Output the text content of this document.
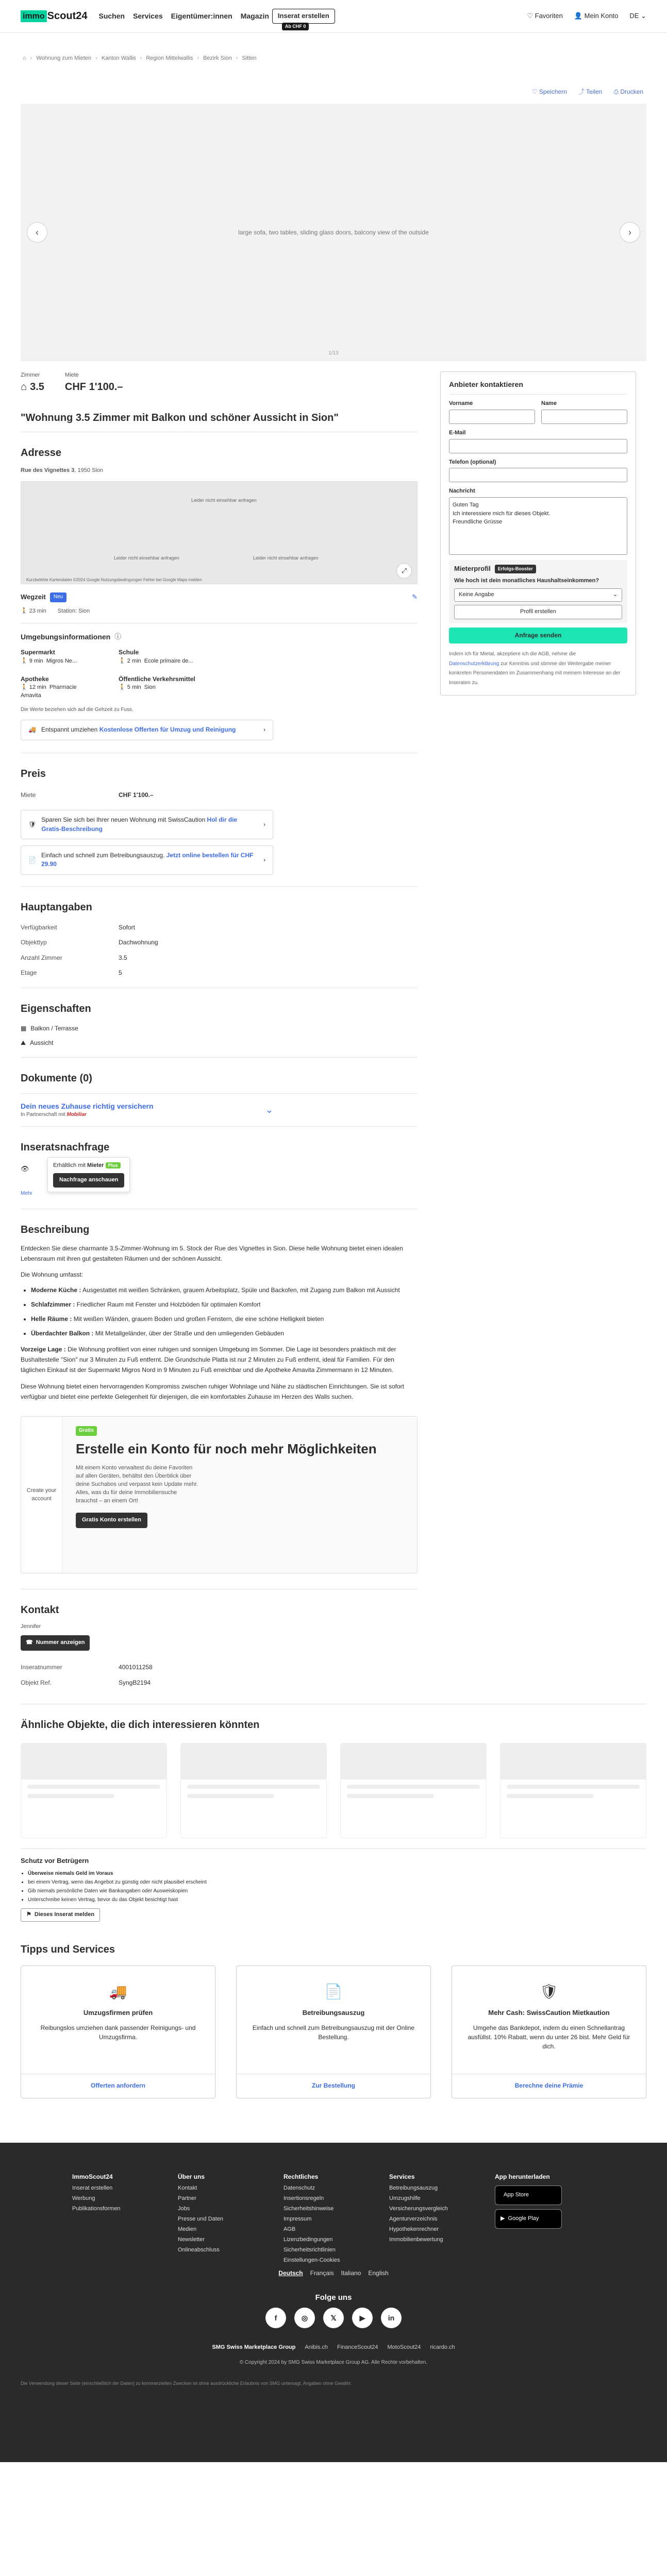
immo Scout24 Suchen Services Eigentümer:innen Magazin	Inserat erstellen
Ab CHF 0
♡ Favoriten 👤 Mein Konto DE ⌄
⌂ › Wohnung zum Mieten › Kanton Wallis › Region Mittelwallis › Bezirk Sion › Sitten
♡ Speichern ⤴ Teilen ⎙ Drucken
large sofa, two tables, sliding glass doors, balcony view of the outside
‹	›
1/13
Zimmer
⌂ 3.5
Miete
CHF 1'100.–
"Wohnung 3.5 Zimmer mit Balkon und schöner Aussicht in Sion"
Adresse
Rue des Vignettes 3, 1950 Sion
Leider nicht einsehbar anfragen
Leider nicht einsehbar anfragen	Leider nicht einsehbar anfragen
⤢
Kurzbefehle Kartendaten ©2024 Google Nutzungsbedingungen Fehler bei Google Maps melden
Wegzeit	Neu	✎
🚶 23 min Station: Sion
Umgebungsinformationen ⓘ
Supermarkt
🚶 9 min Migros Ne...
Schule
🚶 2 min Ecole primaire de...
Apotheke
🚶 12 min Pharmacie Amavita
Öffentliche Verkehrsmittel
🚶 5 min Sion
Die Werte beziehen sich auf die Gehzeit zu Fuss.
🚚 Entspannt umziehen Kostenlose Offerten für Umzug und Reinigung	›
Preis
Miete	CHF 1'100.–
🛡
Sparen Sie sich bei Ihrer neuen Wohnung mit SwissCaution Hol dir die Gratis-Beschreibung
›
📄
Einfach und schnell zum Betreibungsauszug. Jetzt online bestellen für CHF 29.90
›
Hauptangaben
Verfügbarkeit	Sofort
Objekttyp	Dachwohnung
Anzahl Zimmer	3.5
Etage	5
Eigenschaften
▦ Balkon / Terrasse
⛰ Aussicht
Dokumente (0)
Dein neues Zuhause richtig versichern
In Partnerschaft mit Mobiliar	⌄
Inseratsnachfrage
👁	Erhältlich mit Mieter Plus
Nachfrage anschauen
Mehr
Beschreibung

Entdecken Sie diese charmante 3.5-Zimmer-Wohnung im 5. Stock der Rue des Vignettes in Sion. Diese helle Wohnung bietet einen idealen Lebensraum mit ihren gut gestalteten Räumen und der schönen Aussicht.

Die Wohnung umfasst:

• Moderne Küche : Ausgestattet mit weißen Schränken, grauem Arbeitsplatz, Spüle und Backofen, mit Zugang zum Balkon mit Aussicht
• Schlafzimmer : Friedlicher Raum mit Fenster und Holzböden für optimalen Komfort
• Helle Räume : Mit weißen Wänden, grauem Boden und großen Fenstern, die eine schöne Helligkeit bieten
• Überdachter Balkon : Mit Metallgeländer, über der Straße und den umliegenden Gebäuden

Vorzeige Lage : Die Wohnung profitiert von einer ruhigen und sonnigen Umgebung im Sommer. Die Lage ist besonders praktisch mit der Bushaltestelle "Sion" nur 3 Minuten zu Fuß entfernt. Die Grundschule Platta ist nur 2 Minuten zu Fuß entfernt, ideal für Familien. Für den täglichen Einkauf ist der Supermarkt Migros Nord in 9 Minuten zu Fuß erreichbar und die Apotheke Amavita Zimmermann in 12 Minuten.

Diese Wohnung bietet einen hervorragenden Kompromiss zwischen ruhiger Wohnlage und Nähe zu städtischen Einrichtungen. Sie ist sofort verfügbar und bietet eine perfekte Gelegenheit für diejenigen, die ein komfortables Zuhause im Herzen des Walls suchen.

Create your account
Gratis
Erstelle ein Konto für noch mehr Möglichkeiten
Mit einem Konto verwaltest du deine Favoriten auf allen Geräten, behältst den Überblick über deine Suchabos und verpasst kein Update mehr. Alles, was du für deine Immobiliensuche brauchst – an einem Ort!
Gratis Konto erstellen
Kontakt
Jennifer
☎ Nummer anzeigen
Inseratnummer	4001011258
Objekt Ref.	SyngB2194
Anbieter kontaktieren
Vorname	Name
E-Mail
Telefon (optional)
Nachricht
Guten Tag
Ich interessiere mich für dieses Objekt.
Freundliche Grüsse
Mieterprofil	Erfolgs-Booster
Wie hoch ist dein monatliches Haushaltseinkommen?
Keine Angabe	⌄
Profil erstellen
Anfrage senden
Indem ich für Mietal, akzeptiere ich die AGB, nehme die Datenschutzerklärung zur Kenntnis und stimme der Weitergabe meiner konkreten Personendaten im Zusammenhang mit meinem Interesse an der Inseraten zu.
Ähnliche Objekte, die dich interessieren könnten
Schutz vor Betrügern
• Überweise niemals Geld im Voraus
• bei einem Vertrag, wenn das Angebot zu günstig oder nicht plausibel erscheint
• Gib niemals persönliche Daten wie Bankangaben oder Ausweiskopien
• Unterschreibe keinen Vertrag, bevor du das Objekt besichtigt hast
⚑ Dieses Inserat melden
Tipps und Services
🚚
Umzugsfirmen prüfen
Reibungslos umziehen dank passender Reinigungs- und Umzugsfirma.
Offerten anfordern
📄
Betreibungsauszug
Einfach und schnell zum Betreibungsauszug mit der Online Bestellung.
Zur Bestellung
🛡
Mehr Cash: SwissCaution Mietkaution
Umgehe das Bankdepot, indem du einen Schnellantrag ausfüllst. 10% Rabatt, wenn du unter 26 bist. Mehr Geld für dich.
Berechne deine Prämie
ImmoScout24
Inserat erstellen
Werbung
Publikationsformen
Über uns
Kontakt
Partner
Jobs
Presse und Daten
Medien
Newsletter
Onlineabschluss
Rechtliches
Datenschutz
Insertionsregeln
Sicherheitshinweise
Impressum
AGB
Lizenzbedingungen
Sicherheitsrichtlinien
Einstellungen-Cookies
Services
Betreibungsauszug
Umzugshilfe
Versicherungsvergleich
Agenturverzeichnis
Hypothekenrechner
Immobilienbewertung
App herunterladen
App Store
▶ Google Play
Deutsch Français Italiano English
Folge uns
f	◎	𝕏	▶	in
SMG Swiss Marketplace Group Anibis.ch FinanceScout24 MotoScout24 ricardo.ch
© Copyright 2024 by SMG Swiss Marketplace Group AG. Alle Rechte vorbehalten.
Die Verwendung dieser Seite (einschließlich der Daten) zu kommerziellen Zwecken ist ohne ausdrückliche Erlaubnis von SMG untersagt. Angaben ohne Gewähr.
